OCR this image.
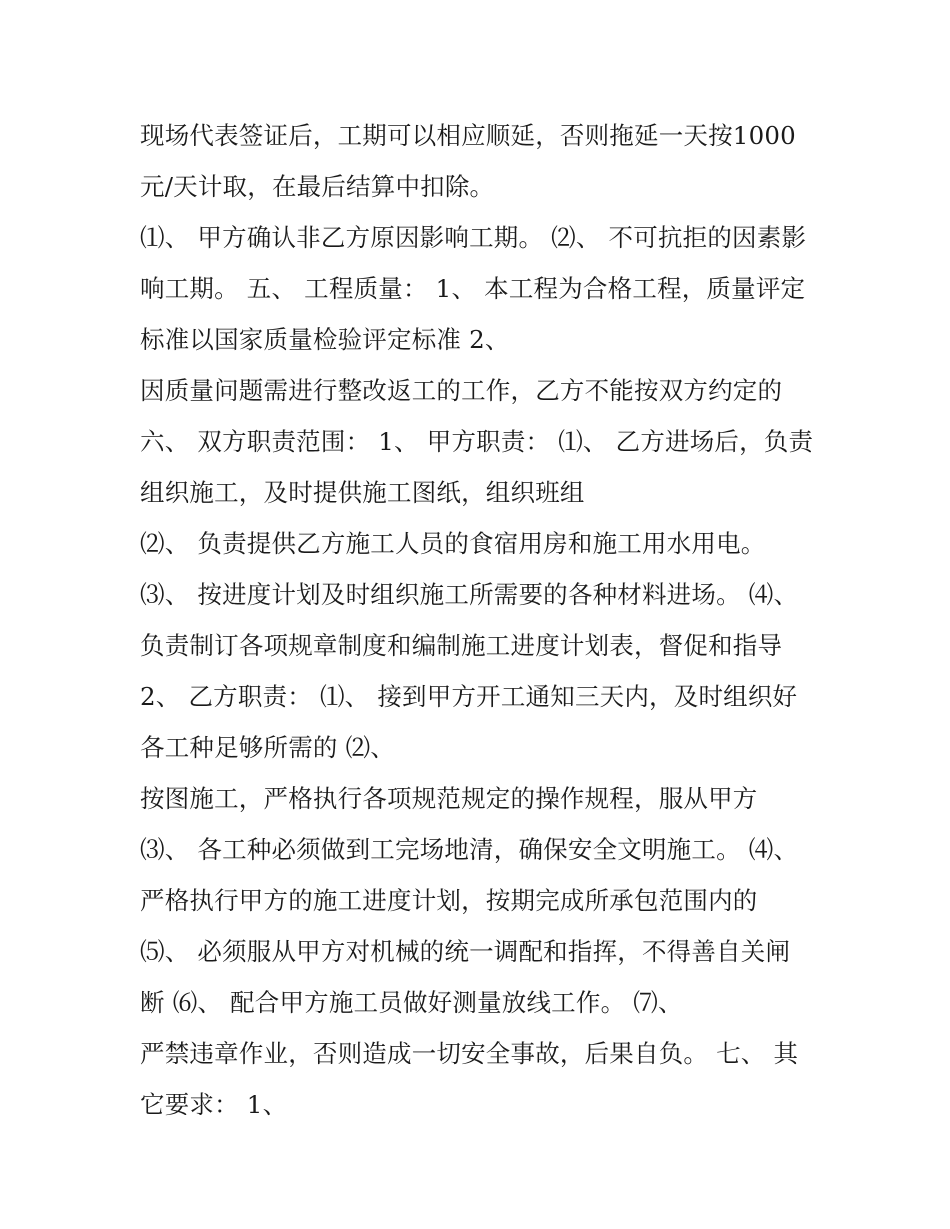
现场代表签证后，工期可以相应顺延，否则拖延一天按1000
元/天计取，在最后结算中扣除。
⑴、 甲方确认非乙方原因影响工期。 ⑵、 不可抗拒的因素影
响工期。 五、 工程质量： 1、 本工程为合格工程，质量评定
标准以国家质量检验评定标准 2、
因质量问题需进行整改返工的工作，乙方不能按双方约定的
六、 双方职责范围： 1、 甲方职责： ⑴、 乙方进场后，负责
组织施工，及时提供施工图纸，组织班组
⑵、 负责提供乙方施工人员的食宿用房和施工用水用电。
⑶、 按进度计划及时组织施工所需要的各种材料进场。 ⑷、
负责制订各项规章制度和编制施工进度计划表，督促和指导
2、 乙方职责： ⑴、 接到甲方开工通知三天内，及时组织好
各工种足够所需的 ⑵、
按图施工，严格执行各项规范规定的操作规程，服从甲方
⑶、 各工种必须做到工完场地清，确保安全文明施工。 ⑷、
严格执行甲方的施工进度计划，按期完成所承包范围内的
⑸、 必须服从甲方对机械的统一调配和指挥，不得善自关闸
断 ⑹、 配合甲方施工员做好测量放线工作。 ⑺、
严禁违章作业，否则造成一切安全事故，后果自负。 七、 其
它要求： 1、
